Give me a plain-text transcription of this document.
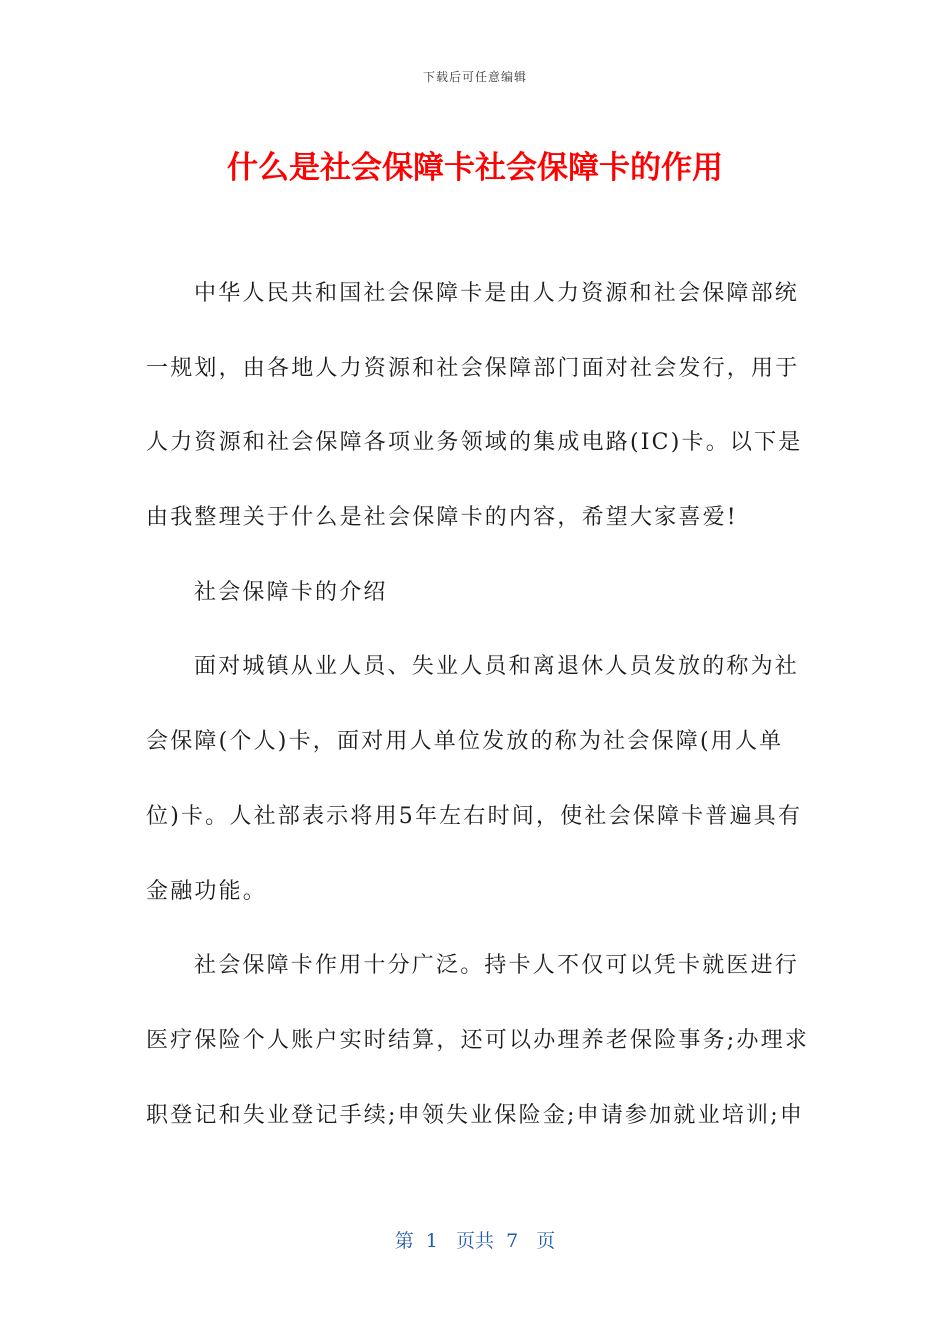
下载后可任意编辑
什么是社会保障卡社会保障卡的作用
中华人民共和国社会保障卡是由人力资源和社会保障部统
一规划，由各地人力资源和社会保障部门面对社会发行，用于
人力资源和社会保障各项业务领域的集成电路(IC)卡。以下是
由我整理关于什么是社会保障卡的内容，希望大家喜爱!
社会保障卡的介绍
面对城镇从业人员、失业人员和离退休人员发放的称为社
会保障(个人)卡，面对用人单位发放的称为社会保障(用人单
位)卡。人社部表示将用5年左右时间，使社会保障卡普遍具有
金融功能。
社会保障卡作用十分广泛。持卡人不仅可以凭卡就医进行
医疗保险个人账户实时结算，还可以办理养老保险事务;办理求
职登记和失业登记手续;申领失业保险金;申请参加就业培训;申
第  1   页共  7   页
